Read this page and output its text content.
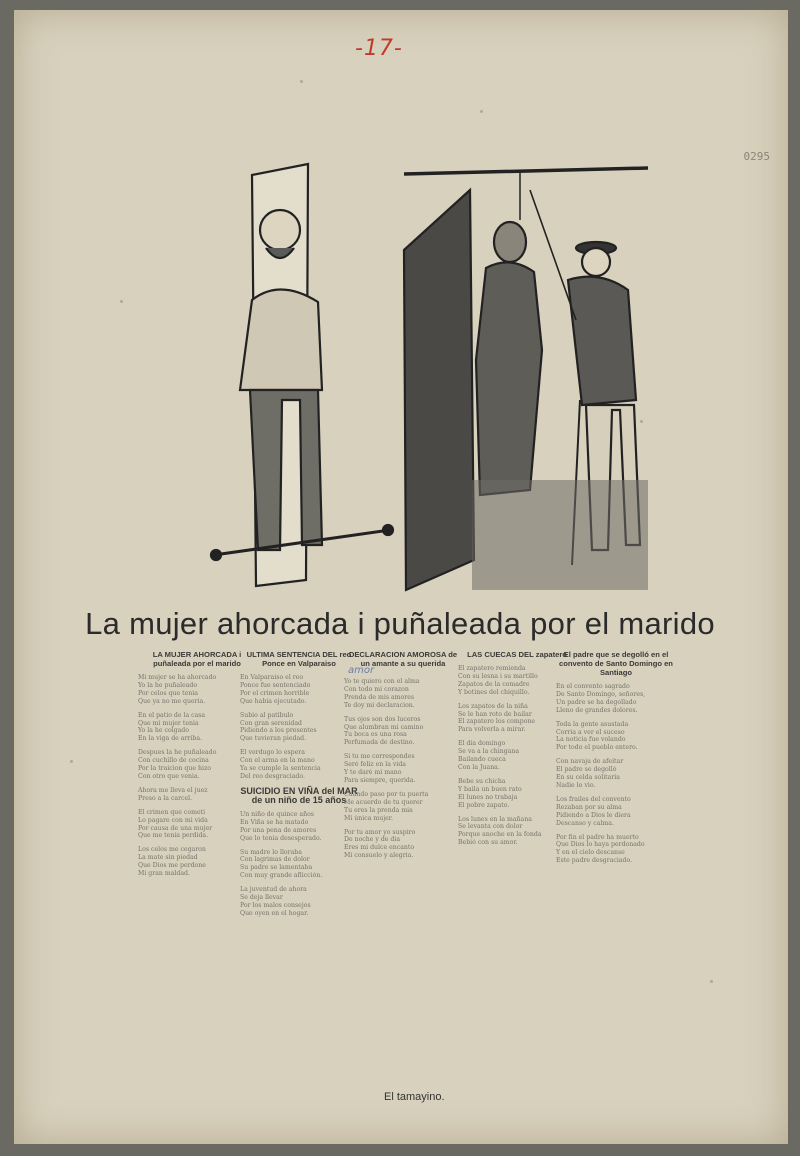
-17-
0295
La mujer ahorcada i puñaleada por el marido
LA MUJER AHORCADA i puñaleada por el marido
Mi mujer se ha ahorcado
Yo la he puñaleado
Por celos que tenia
Que ya no me queria.
En el patio de la casa
Que mi mujer tenia
Yo la he colgado
En la viga de arriba.
Despues la he puñaleado
Con cuchillo de cocina
Por la traicion que hizo
Con otro que venia.
Ahora me lleva el juez
Preso a la carcel.
El crimen que cometi
Lo pagare con mi vida
Por causa de una mujer
Que me tenia perdida.
Los celos me cegaron
La mate sin piedad
Que Dios me perdone
Mi gran maldad.
ULTIMA SENTENCIA DEL reo Ponce en Valparaiso
En Valparaiso el reo
Ponce fue sentenciado
Por el crimen horrible
Que habia ejecutado.
Subio al patibulo
Con gran serenidad
Pidiendo a los presentes
Que tuvieran piedad.
El verdugo lo espera
Con el arma en la mano
Ya se cumple la sentencia
Del reo desgraciado.
SUICIDIO EN VIÑA del MAR de un niño de 15 años
Un niño de quince años
En Viña se ha matado
Por una pena de amores
Que lo tenia desesperado.
Su madre lo lloraba
Con lagrimas de dolor
Su padre se lamentaba
Con muy grande aflicción.
La juventud de ahora
Se deja llevar
Por los malos consejos
Que oyen en el hogar.
DECLARACION AMOROSA de un amante a su querida
Yo te quiero con el alma
Con todo mi corazon
Prenda de mis amores
Te doy mi declaracion.
Tus ojos son dos luceros
Que alumbran mi camino
Tu boca es una rosa
Perfumada de destino.
Si tu me correspondes
Seré feliz en la vida
Y te daré mi mano
Para siempre, querida.
Cuando paso por tu puerta
Me acuerdo de tu querer
Tu eres la prenda mia
Mi única mujer.
Por tu amor yo suspiro
De noche y de dia
Eres mi dulce encanto
Mi consuelo y alegria.
amor
El tamayino.
LAS CUECAS DEL zapatero
El zapatero remienda
Con su lesna i su martillo
Zapatos de la comadre
Y botines del chiquillo.
Los zapatos de la niña
Se le han roto de bailar
El zapatero los compone
Para volverla a mirar.
El dia domingo
Se va a la chingana
Bailando cueca
Con la Juana.
Bebe su chicha
Y baila un buen rato
El lunes no trabaja
El pobre zapato.
Los lunes en la mañana
Se levanta con dolor
Porque anoche en la fonda
Bebió con su amor.
El padre que se degolló en el convento de Santo Domingo en Santiago
En el convento sagrado
De Santo Domingo, señores,
Un padre se ha degollado
Lleno de grandes dolores.
Toda la gente asustada
Corria a ver el suceso
La noticia fue volando
Por todo el pueblo entero.
Con navaja de afeitar
El padre se degolló
En su celda solitaria
Nadie lo vio.
Los frailes del convento
Rezaban por su alma
Pidiendo a Dios le diera
Descanso y calma.
Por fin el padre ha muerto
Que Dios lo haya perdonado
Y en el cielo descanse
Este padre desgraciado.
